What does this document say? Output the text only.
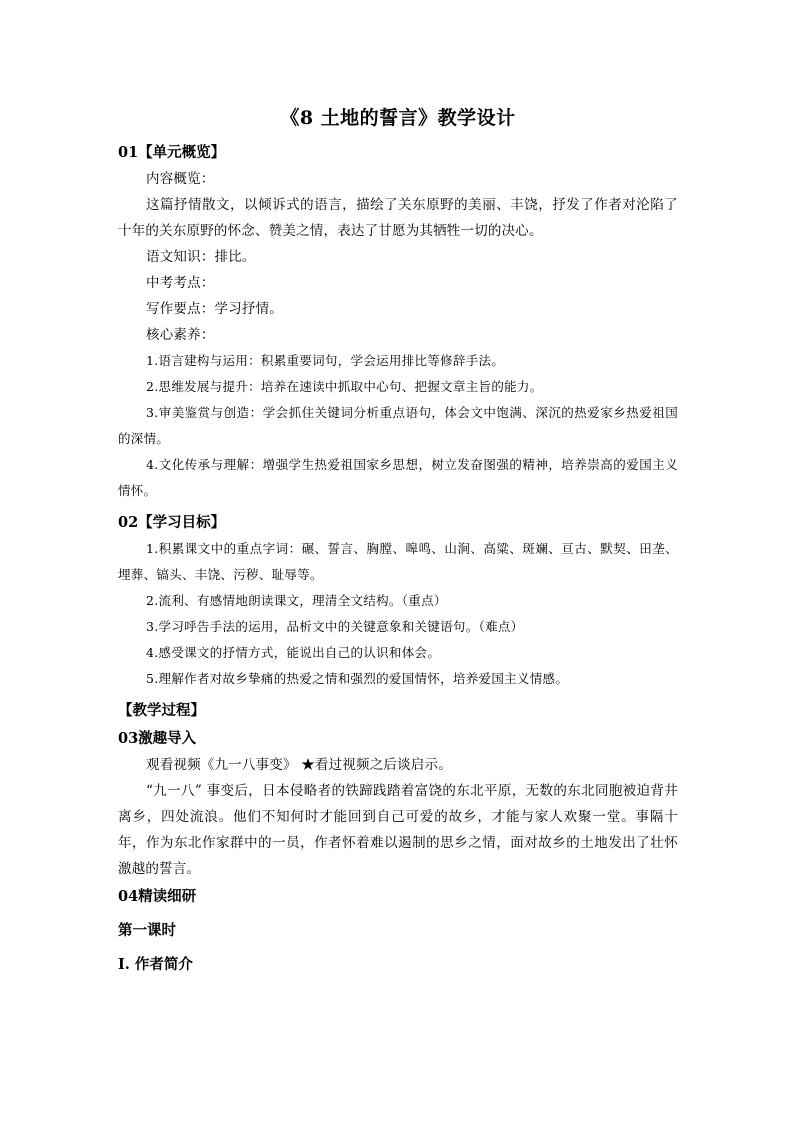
《8 土地的誓言》教学设计
01【单元概览】

内容概览：

这篇抒情散文，以倾诉式的语言，描绘了关东原野的美丽、丰饶，抒发了作者对沦陷了十年的关东原野的怀念、赞美之情，表达了甘愿为其牺牲一切的决心。

语文知识：排比。

中考考点：

写作要点：学习抒情。

核心素养：

1.语言建构与运用：积累重要词句，学会运用排比等修辞手法。

2.思维发展与提升：培养在速读中抓取中心句、把握文章主旨的能力。

3.审美鉴赏与创造：学会抓住关键词分析重点语句，体会文中饱满、深沉的热爱家乡热爱祖国的深情。

4.文化传承与理解：增强学生热爱祖国家乡思想，树立发奋图强的精神，培养崇高的爱国主义情怀。

02【学习目标】

1.积累课文中的重点字词：碾、誓言、胸膛、嗥鸣、山涧、高粱、斑斓、亘古、默契、田垄、埋葬、镐头、丰饶、污秽、耻辱等。

2.流利、有感情地朗读课文，理清全文结构。（重点）

3.学习呼告手法的运用，品析文中的关键意象和关键语句。（难点）

4.感受课文的抒情方式，能说出自己的认识和体会。

5.理解作者对故乡挚痛的热爱之情和强烈的爱国情怀，培养爱国主义情感。

【教学过程】
03激趣导入

观看视频《九一八事变》 ★看过视频之后谈启示。

“九一八” 事变后，日本侵略者的铁蹄践踏着富饶的东北平原，无数的东北同胞被迫背井离乡，四处流浪。他们不知何时才能回到自己可爱的故乡，才能与家人欢聚一堂。事隔十年，作为东北作家群中的一员，作者怀着难以遏制的思乡之情，面对故乡的土地发出了壮怀激越的誓言。

04精读细研
第一课时
Ⅰ. 作者简介
